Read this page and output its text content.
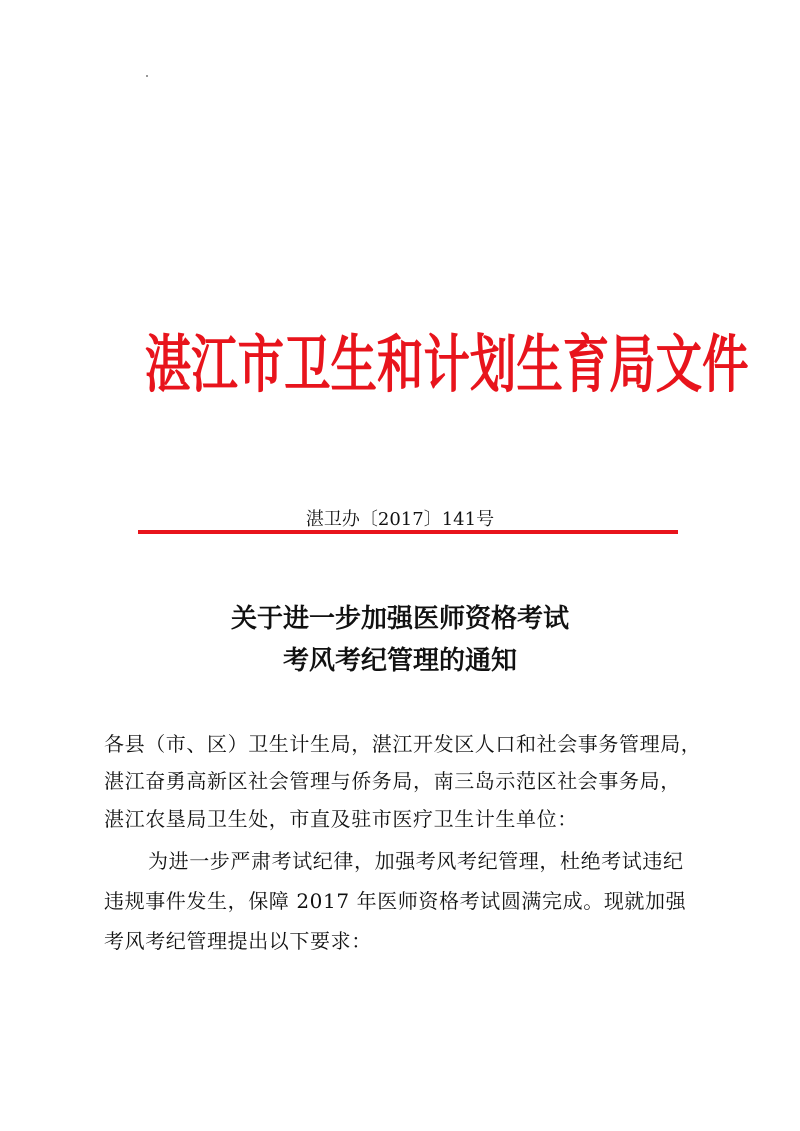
湛江市卫生和计划生育局文件
湛卫办〔2017〕141号
关于进一步加强医师资格考试
考风考纪管理的通知
各县（市、区）卫生计生局，湛江开发区人口和社会事务管理局，
湛江奋勇高新区社会管理与侨务局，南三岛示范区社会事务局，
湛江农垦局卫生处，市直及驻市医疗卫生计生单位：
为进一步严肃考试纪律，加强考风考纪管理，杜绝考试违纪
违规事件发生，保障 2017 年医师资格考试圆满完成。现就加强
考风考纪管理提出以下要求：
